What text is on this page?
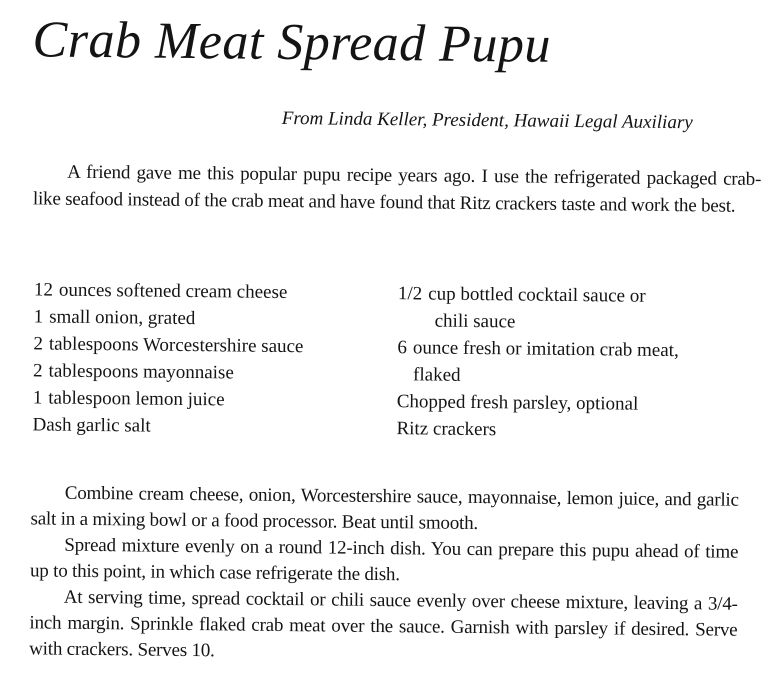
Crab Meat Spread Pupu
From Linda Keller, President, Hawaii Legal Auxiliary

A friend gave me this popular pupu recipe years ago. I use the refrigerated packaged crab-like seafood instead of the crab meat and have found that Ritz crackers taste and work the best.

12 ounces softened cream cheese
1 small onion, grated
2 tablespoons Worcestershire sauce
2 tablespoons mayonnaise
1 tablespoon lemon juice
Dash garlic salt
1/2 cup bottled cocktail sauce or
chili sauce
6 ounce fresh or imitation crab meat,
flaked
Chopped fresh parsley, optional
Ritz crackers

Combine cream cheese, onion, Worcestershire sauce, mayonnaise, lemon juice, and garlic salt in a mixing bowl or a food processor. Beat until smooth.

Spread mixture evenly on a round 12-inch dish. You can prepare this pupu ahead of time up to this point, in which case refrigerate the dish.

At serving time, spread cocktail or chili sauce evenly over cheese mixture, leaving a 3/4-inch margin. Sprinkle flaked crab meat over the sauce. Garnish with parsley if desired. Serve with crackers. Serves 10.
